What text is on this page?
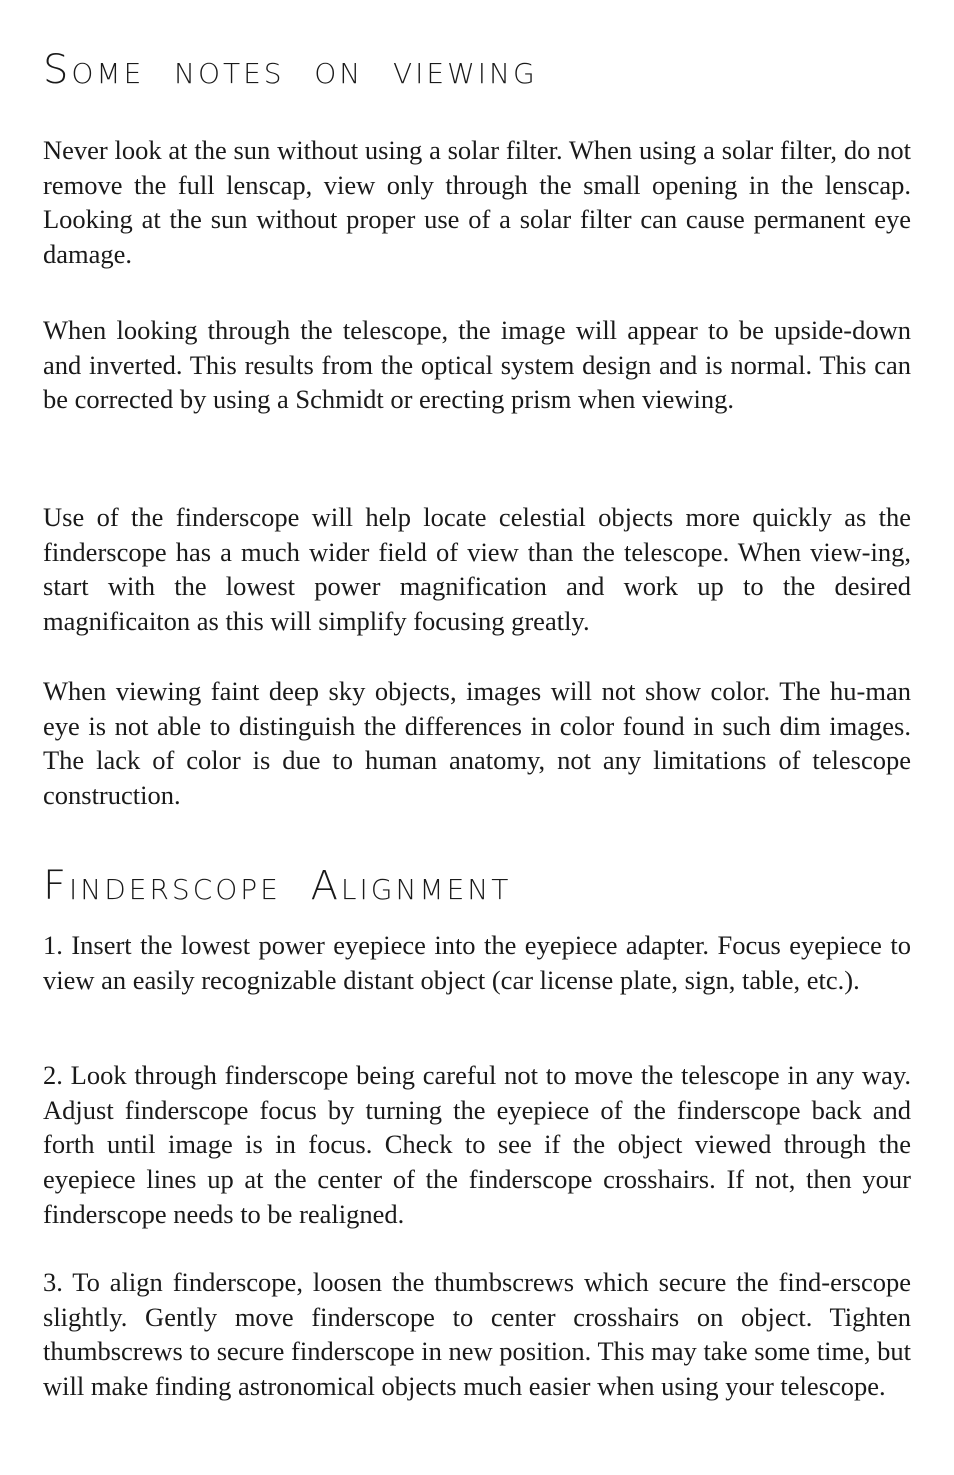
Some notes on viewing

Never look at the sun without using a solar filter. When using a solar filter, do not remove the full lenscap, view only through the small opening in the lenscap. Looking at the sun without proper use of a solar filter can cause permanent eye damage.

When looking through the telescope, the image will appear to be upside-down and inverted. This results from the optical system design and is normal. This can be corrected by using a Schmidt or erecting prism when viewing.

Use of the finderscope will help locate celestial objects more quickly as the finderscope has a much wider field of view than the telescope. When view-ing, start with the lowest power magnification and work up to the desired magnificaiton as this will simplify focusing greatly.

When viewing faint deep sky objects, images will not show color. The hu-man eye is not able to distinguish the differences in color found in such dim images. The lack of color is due to human anatomy, not any limitations of telescope construction.

Finderscope Alignment

1. Insert the lowest power eyepiece into the eyepiece adapter. Focus eyepiece to view an easily recognizable distant object (car license plate, sign, table, etc.).

2. Look through finderscope being careful not to move the telescope in any way. Adjust finderscope focus by turning the eyepiece of the finderscope back and forth until image is in focus. Check to see if the object viewed through the eyepiece lines up at the center of the finderscope crosshairs. If not, then your finderscope needs to be realigned.

3. To align finderscope, loosen the thumbscrews which secure the find-erscope slightly. Gently move finderscope to center crosshairs on object. Tighten thumbscrews to secure finderscope in new position. This may take some time, but will make finding astronomical objects much easier when using your telescope.
